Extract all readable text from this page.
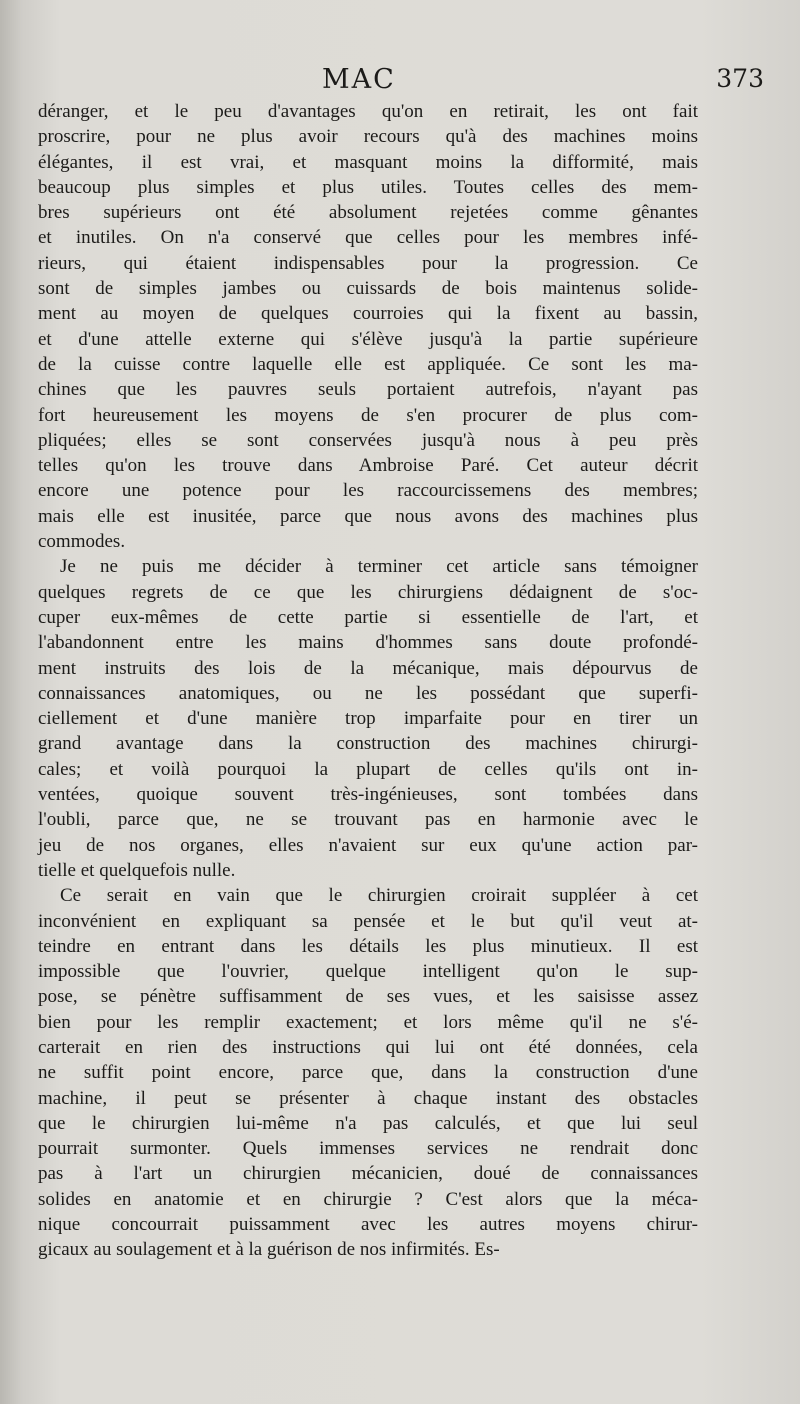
MAC	373
déranger, et le peu d'avantages qu'on en retirait, les ont fait
proscrire, pour ne plus avoir recours qu'à des machines moins
élégantes, il est vrai, et masquant moins la difformité, mais
beaucoup plus simples et plus utiles. Toutes celles des mem-
bres supérieurs ont été absolument rejetées comme gênantes
et inutiles. On n'a conservé que celles pour les membres infé-
rieurs, qui étaient indispensables pour la progression. Ce
sont de simples jambes ou cuissards de bois maintenus solide-
ment au moyen de quelques courroies qui la fixent au bassin,
et d'une attelle externe qui s'élève jusqu'à la partie supérieure
de la cuisse contre laquelle elle est appliquée. Ce sont les ma-
chines que les pauvres seuls portaient autrefois, n'ayant pas
fort heureusement les moyens de s'en procurer de plus com-
pliquées; elles se sont conservées jusqu'à nous à peu près
telles qu'on les trouve dans Ambroise Paré. Cet auteur décrit
encore une potence pour les raccourcissemens des membres;
mais elle est inusitée, parce que nous avons des machines plus
commodes.
Je ne puis me décider à terminer cet article sans témoigner
quelques regrets de ce que les chirurgiens dédaignent de s'oc-
cuper eux-mêmes de cette partie si essentielle de l'art, et
l'abandonnent entre les mains d'hommes sans doute profondé-
ment instruits des lois de la mécanique, mais dépourvus de
connaissances anatomiques, ou ne les possédant que superfi-
ciellement et d'une manière trop imparfaite pour en tirer un
grand avantage dans la construction des machines chirurgi-
cales; et voilà pourquoi la plupart de celles qu'ils ont in-
ventées, quoique souvent très-ingénieuses, sont tombées dans
l'oubli, parce que, ne se trouvant pas en harmonie avec le
jeu de nos organes, elles n'avaient sur eux qu'une action par-
tielle et quelquefois nulle.
Ce serait en vain que le chirurgien croirait suppléer à cet
inconvénient en expliquant sa pensée et le but qu'il veut at-
teindre en entrant dans les détails les plus minutieux. Il est
impossible que l'ouvrier, quelque intelligent qu'on le sup-
pose, se pénètre suffisamment de ses vues, et les saisisse assez
bien pour les remplir exactement; et lors même qu'il ne s'é-
carterait en rien des instructions qui lui ont été données, cela
ne suffit point encore, parce que, dans la construction d'une
machine, il peut se présenter à chaque instant des obstacles
que le chirurgien lui-même n'a pas calculés, et que lui seul
pourrait surmonter. Quels immenses services ne rendrait donc
pas à l'art un chirurgien mécanicien, doué de connaissances
solides en anatomie et en chirurgie ? C'est alors que la méca-
nique concourrait puissamment avec les autres moyens chirur-
gicaux au soulagement et à la guérison de nos infirmités. Es-
